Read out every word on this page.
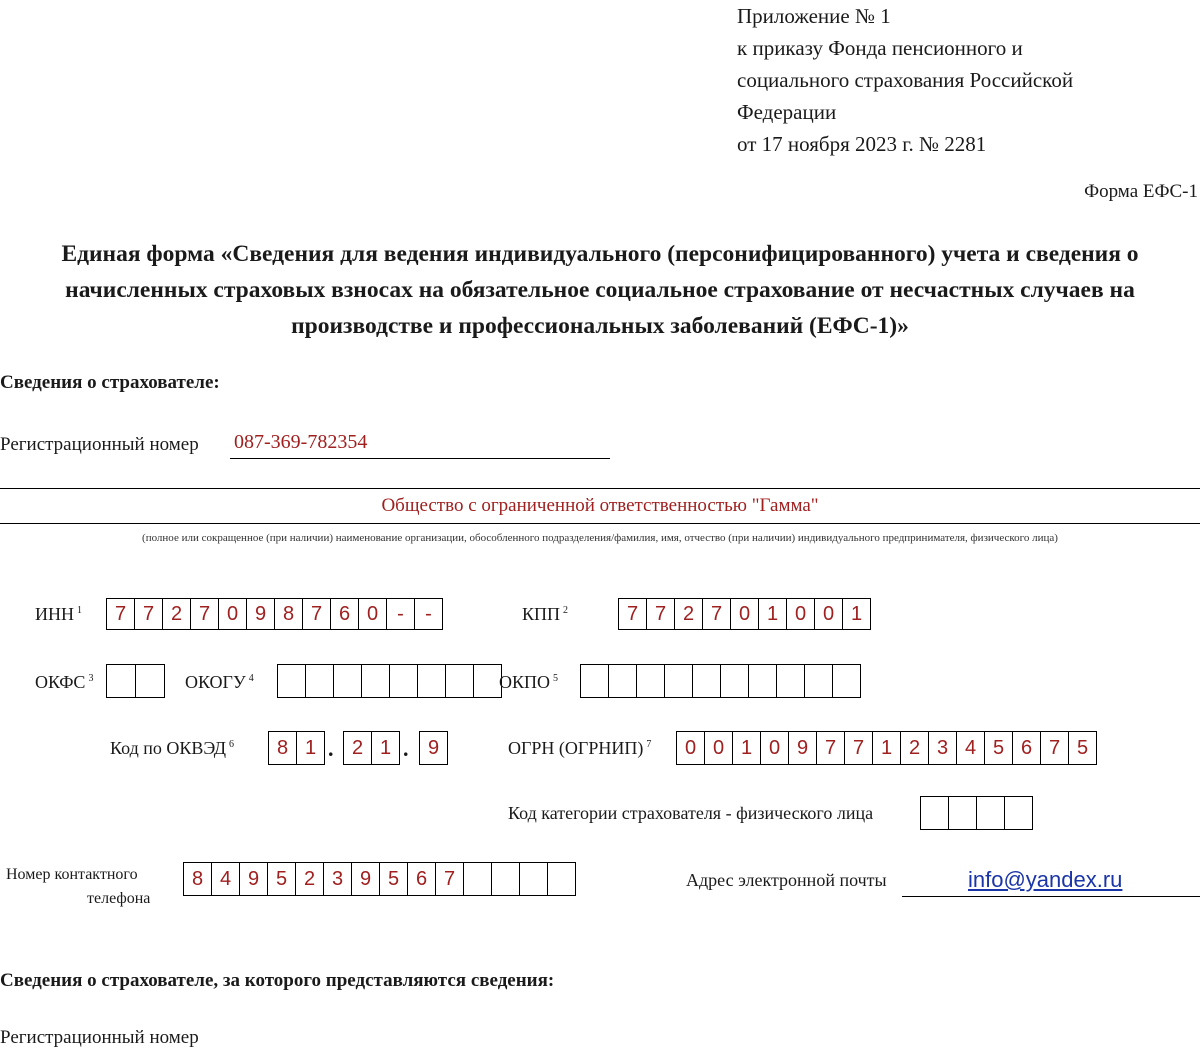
Приложение № 1
к приказу Фонда пенсионного и
социального страхования Российской
Федерации
от 17 ноября 2023 г. № 2281
Форма ЕФС-1
Единая форма «Сведения для ведения индивидуального (персонифицированного) учета и сведения о начисленных страховых взносах на обязательное социальное страхование от несчастных случаев на производстве и профессиональных заболеваний (ЕФС-1)»
Сведения о страхователе:
Регистрационный номер 087-369-782354
Общество с ограниченной ответственностью "Гамма"
(полное или сокращенное (при наличии) наименование организации, обособленного подразделения/фамилия, имя, отчество (при наличии) индивидуального предпринимателя, физического лица)
ИНН $^1$	7 7 2 7 0 9 8 7 6 0 -	-	КПП $^2$	7 7 2 7 0 1 0 0 1
ОКФС $^3$	ОКОГУ $^4$	ОКПО $^5$
Код по ОКВЭД $^6$	8 1 . 2 1 . 9	ОГРН (ОГРНИП) $^7$	0 0 1 0 9 7 7 1 2 3 4 5 6 7 5
Код категории страхователя - физического лица
Номер контактного
телефона
8 4 9 5 2 3 9 5 6 7	Адрес электронной почты	info@yandex.ru
Сведения о страхователе, за которого представляются сведения:
Регистрационный номер
